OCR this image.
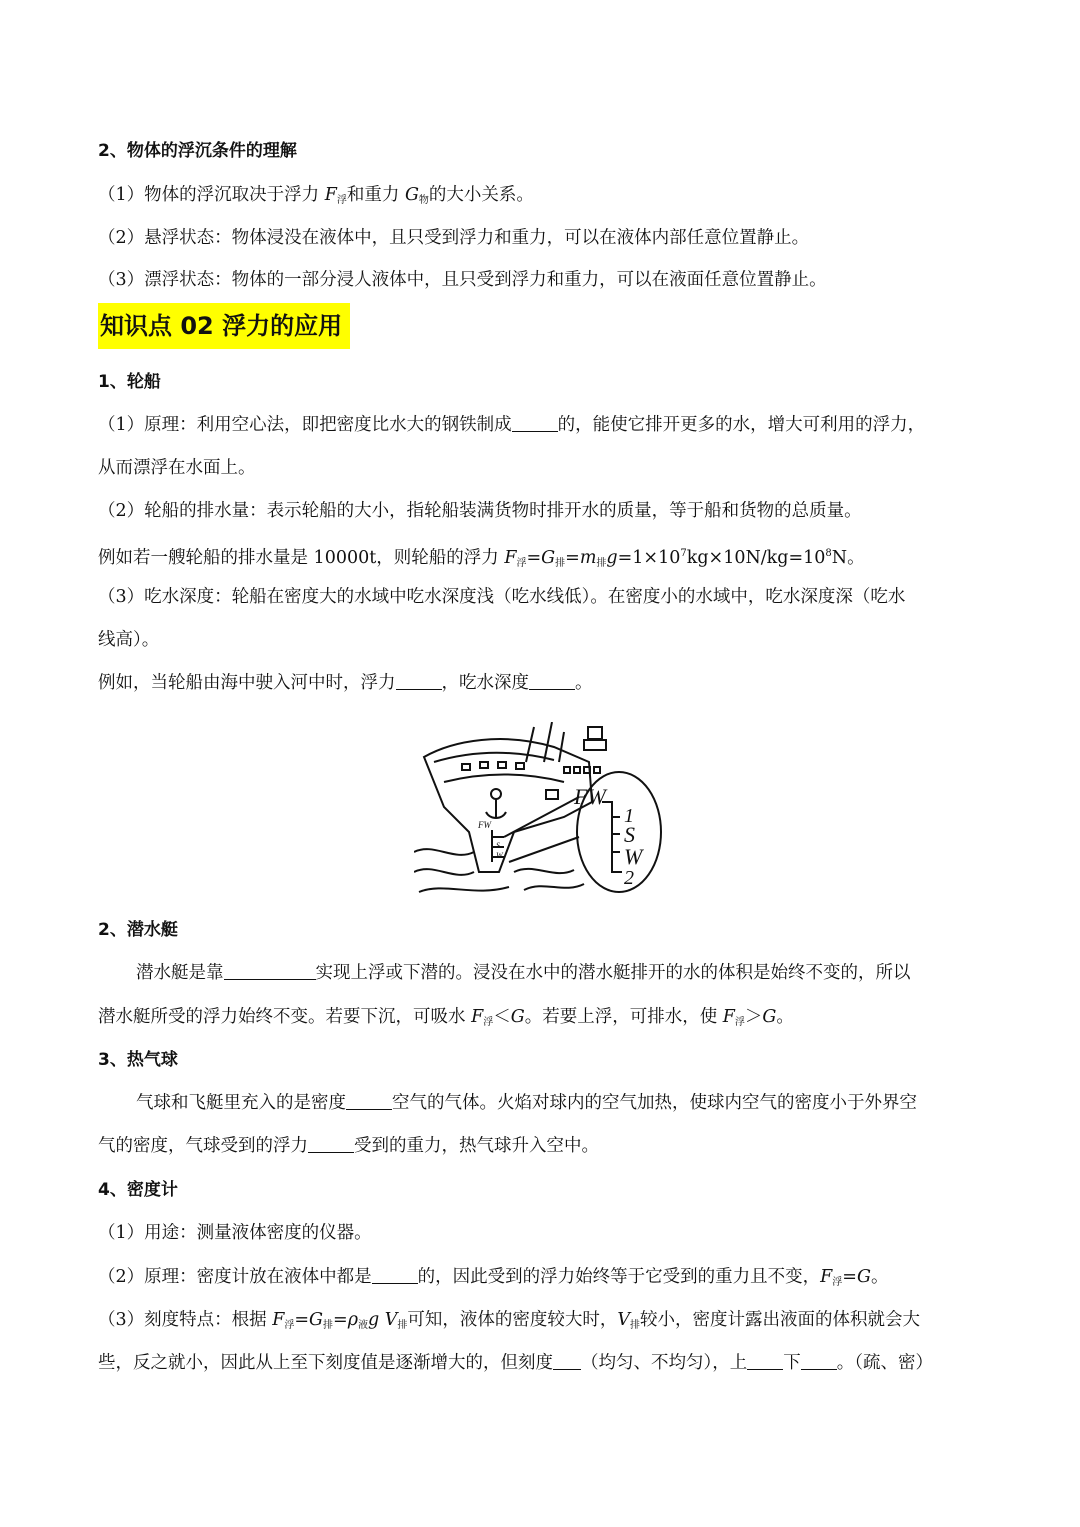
2、物体的浮沉条件的理解
（1）物体的浮沉取决于浮力 $F_浮$和重力 $G_物$的大小关系。
（2）悬浮状态：物体浸没在液体中，且只受到浮力和重力，可以在液体内部任意位置静止。
（3）漂浮状态：物体的一部分浸人液体中，且只受到浮力和重力，可以在液面任意位置静止。
知识点 02 浮力的应用
1、轮船
（1）原理：利用空心法，即把密度比水大的钢铁制成	的，能使它排开更多的水，增大可利用的浮力，
从而漂浮在水面上。
（2）轮船的排水量：表示轮船的大小，指轮船装满货物时排开水的质量，等于船和货物的总质量。
例如若一艘轮船的排水量是 10000t，则轮船的浮力 $F_浮=G_排=m_排g=1\times 10^7kg\times 10N/kg=10^8N$。
（3）吃水深度：轮船在密度大的水域中吃水深度浅（吃水线低）。在密度小的水域中，吃水深度深（吃水
线高）。
例如，当轮船由海中驶入河中时，浮力	，吃水深度	。
FW
1
S
W
2
FW
S
W
2、潜水艇
潜水艇是靠	实现上浮或下潜的。浸没在水中的潜水艇排开的水的体积是始终不变的，所以
潜水艇所受的浮力始终不变。若要下沉，可吸水 $F_浮<G$。若要上浮，可排水，使 $F_浮>G$。
3、热气球
气球和飞艇里充入的是密度	空气的气体。火焰对球内的空气加热，使球内空气的密度小于外界空
气的密度，气球受到的浮力	受到的重力，热气球升入空中。
4、密度计
（1）用途：测量液体密度的仪器。
（2）原理：密度计放在液体中都是	的，因此受到的浮力始终等于它受到的重力且不变，$F_浮=G$。
（3）刻度特点：根据 $F_浮=G_排=\rho_液g$ $V_排$可知，液体的密度较大时，$V_排$较小，密度计露出液面的体积就会大
些，反之就小，因此从上至下刻度值是逐渐增大的，但刻度 （均匀、不均匀），上 下 。（疏、密）
